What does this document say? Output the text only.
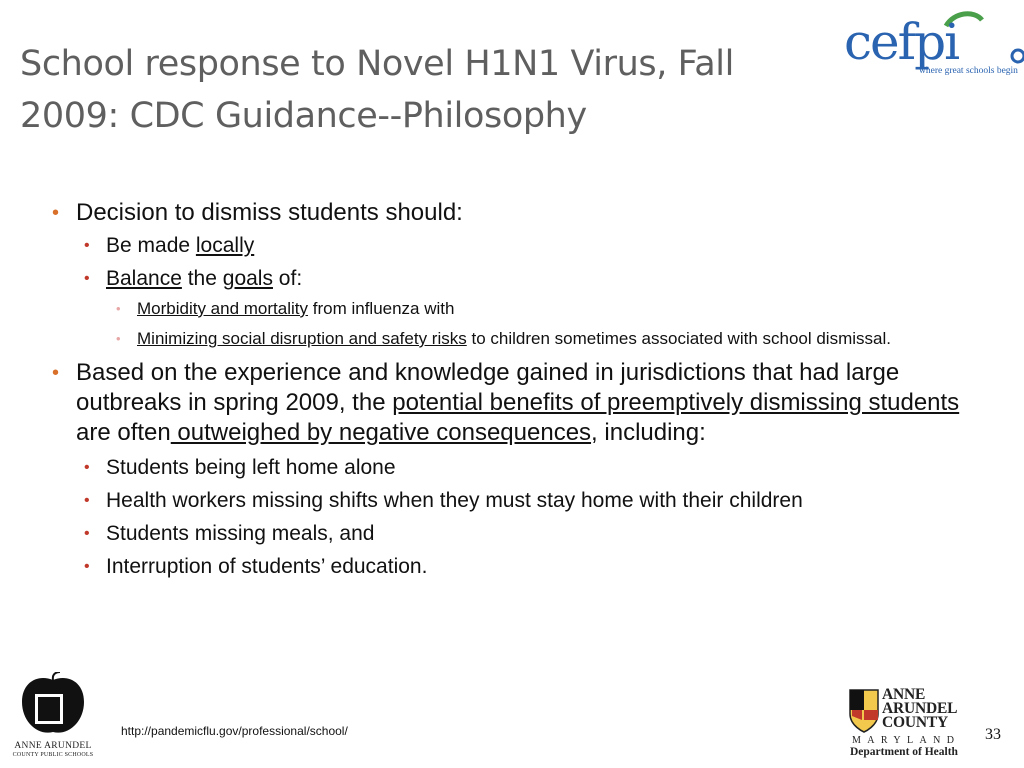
School response to Novel H1N1 Virus, Fall
2009: CDC Guidance--Philosophy
cefpi
where great schools begin
• Decision to dismiss students should:
• Be made locally
• Balance the goals of:
• Morbidity and mortality from influenza with
• Minimizing social disruption and safety risks to children sometimes associated with school dismissal.
• Based on the experience and knowledge gained in jurisdictions that had large outbreaks in spring 2009, the potential benefits of preemptively dismissing students are often outweighed by negative consequences, including:
• Students being left home alone
• Health workers missing shifts when they must stay home with their children
• Students missing meals, and
• Interruption of students’ education.
ANNE ARUNDEL
COUNTY PUBLIC SCHOOLS
http://pandemicflu.gov/professional/school/
ANNE
ARUNDEL
COUNTY
MARYLAND
Department of Health
33
